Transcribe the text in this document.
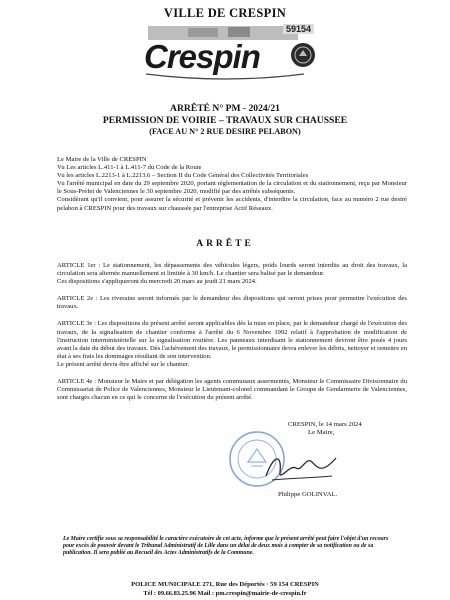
VILLE DE CRESPIN
59154
Crespin
ARRÊTÉ N° PM - 2024/21
PERMISSION DE VOIRIE – TRAVAUX SUR CHAUSSEE
(FACE AU N° 2 RUE DESIRE PELABON)

Le Maire de la Ville de CRESPIN

Vu Les articles L.411-1 à L.411-7 du Code de la Route

Vu les articles L.2213-1 à L.2213.6 – Section II du Code Général des Collectivités Territoriales

Vu l'arrêté municipal en date du 29 septembre 2020, portant réglementation de la circulation et du stationnement, reçu par Monsieur le Sous-Préfet de Valenciennes le 30 septembre 2020, modifié par des arrêtés subséquents.

Considérant qu'il convient, pour assurer la sécurité et prévenir les accidents, d'interdire la circulation, face au numéro 2 rue desiré pelabon à CRESPIN pour des travaux sur chaussée par l'entreprise Actif Réseaux.

ARRÊTE

ARTICLE 1er : Le stationnement, les dépassements des véhicules légers, poids lourds seront interdits au droit des travaux, la circulation sera alternée manuellement et limitée à 30 km/h. Le chantier sera balisé par le demandeur.

Ces dispositions s'appliqueront du mercredi 20 mars au jeudi 21 mars 2024.

ARTICLE 2e : Les riverains seront informés par le demandeur des dispositions qui seront prises pour permettre l'exécution des travaux.

ARTICLE 3e : Les dispositions du présent arrêté seront applicables dès la mise en place, par le demandeur chargé de l'exécution des travaux, de la signalisation de chantier conforme à l'arrêté du 6 Novembre 1992 relatif à l'approbation de modification de l'instruction interministérielle sur la signalisation routière. Les panneaux interdisant le stationnement devront être posés 4 jours avant la date du début des travaux. Dès l'achèvement des travaux, le permissionnaire devra enlever les débris, nettoyer et remettre en état à ses frais les dommages résultant de son intervention.

Le présent arrêté devra être affiché sur le chantier.

ARTICLE 4e : Monsieur le Maire et par délégation les agents communaux assermentés, Monsieur le Commissaire Divisionnaire du Commissariat de Police de Valenciennes, Monsieur le Lieutenant-colonel commandant le Groupe de Gendarmerie de Valenciennes, sont chargés chacun en ce qui le concerne de l'exécution du présent arrêté.

CRESPIN, le 14 mars 2024
Le Maire,
Philippe GOLINVAL.
Le Maire certifie sous sa responsabilité le caractère exécutoire de cet acte, informe que le présent arrêté peut faire l'objet d'un recours pour excès de pouvoir devant le Tribunal Administratif de Lille dans un délai de deux mois à compter de sa notification ou de sa publication. Il sera publié au Recueil des Actes Administratifs de la Commune.
POLICE MUNICIPALE 271, Rue des Déportés · 59 154 CRESPIN
Tél : 09.66.83.25.96 Mail : pm.crespin@mairie-de-crespin.fr
